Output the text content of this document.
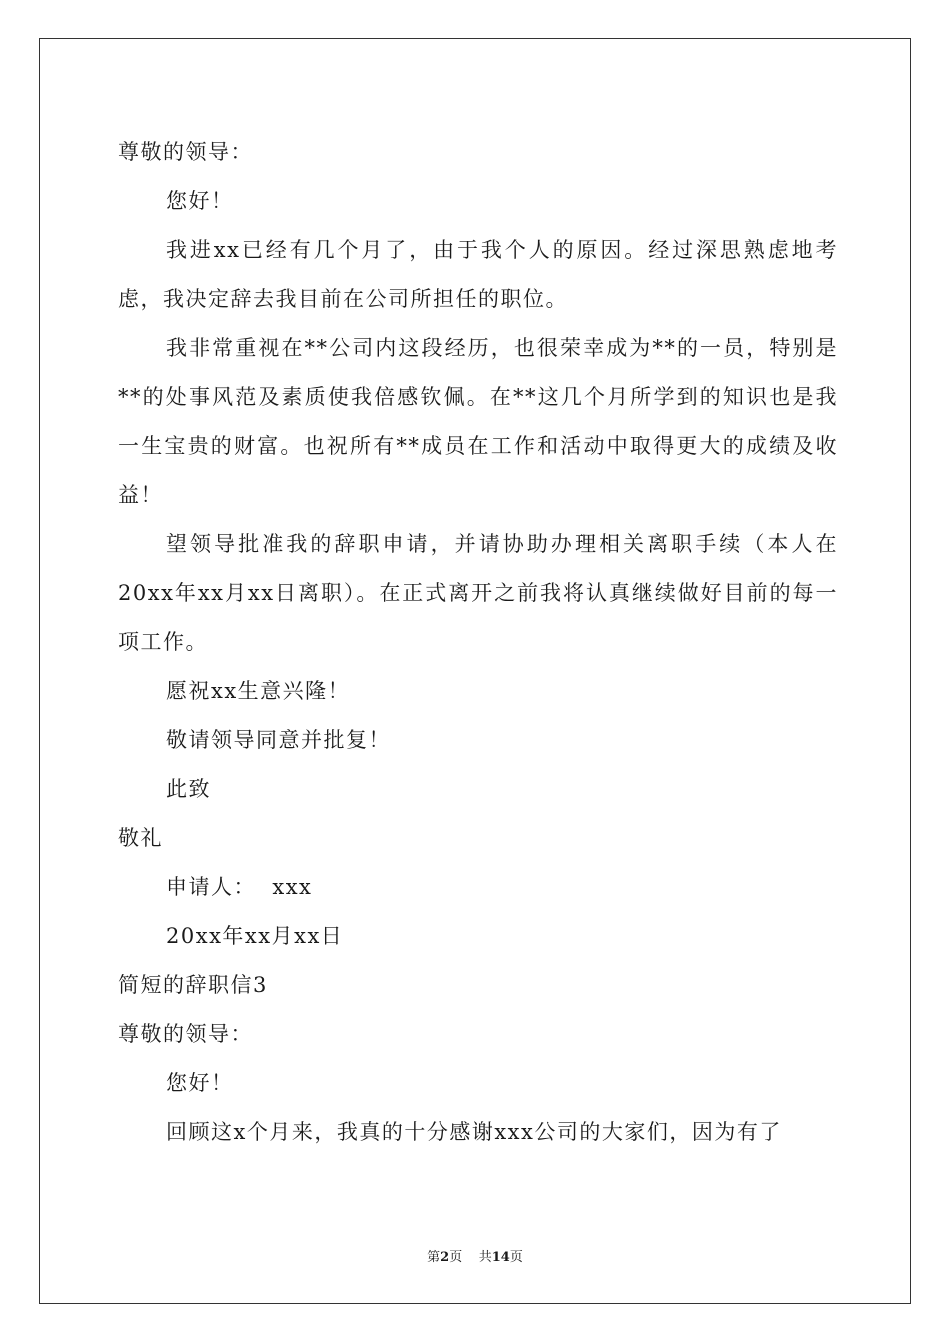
尊敬的领导：
您好！
我进xx已经有几个月了，由于我个人的原因。经过深思熟虑地考虑，我决定辞去我目前在公司所担任的职位。
我非常重视在**公司内这段经历，也很荣幸成为**的一员，特别是**的处事风范及素质使我倍感钦佩。在**这几个月所学到的知识也是我一生宝贵的财富。也祝所有**成员在工作和活动中取得更大的成绩及收益！
望领导批准我的辞职申请，并请协助办理相关离职手续（本人在20xx年xx月xx日离职）。在正式离开之前我将认真继续做好目前的每一项工作。
愿祝xx生意兴隆！
敬请领导同意并批复！
此致
敬礼
申请人：  xxx
20xx年xx月xx日
简短的辞职信3
尊敬的领导：
您好！
回顾这x个月来，我真的十分感谢xxx公司的大家们，因为有了
第2页    共14页
